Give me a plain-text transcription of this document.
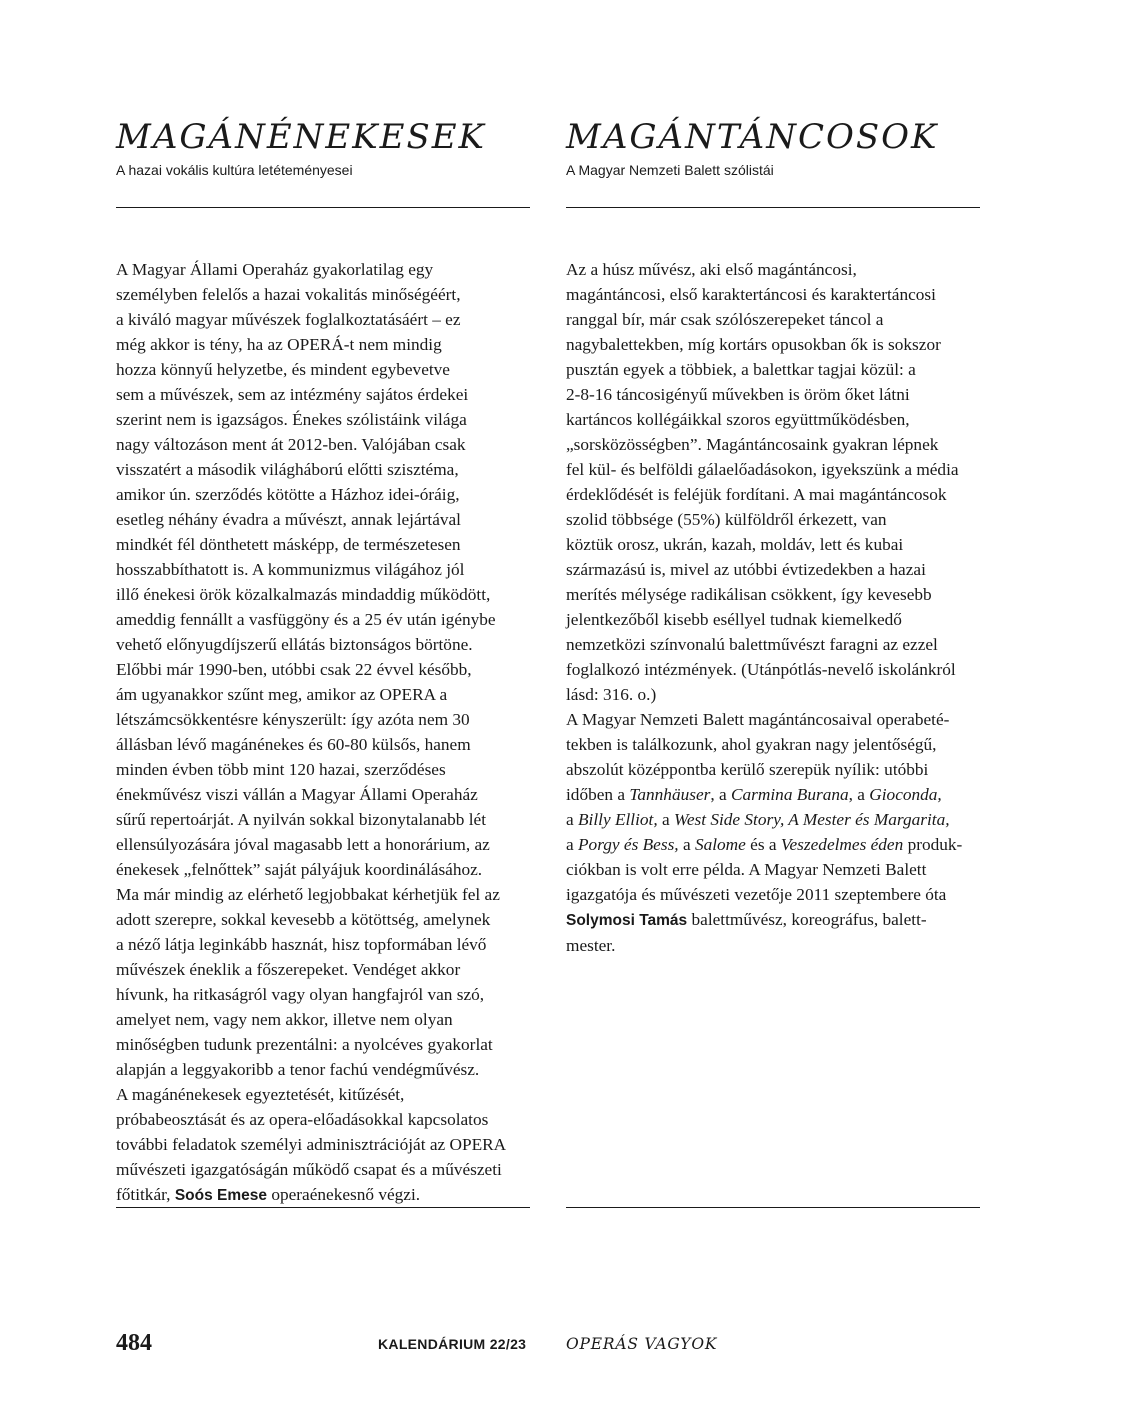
MAGÁNÉNEKESEK
A hazai vokális kultúra letéteményesei
A Magyar Állami Operaház gyakorlatilag egy
személyben felelős a hazai vokalitás minőségéért,
a kiváló magyar művészek foglalkoztatásáért – ez
még akkor is tény, ha az OPERÁ-t nem mindig
hozza könnyű helyzetbe, és mindent egybevetve
sem a művészek, sem az intézmény sajátos érdekei
szerint nem is igazságos. Énekes szólistáink világa
nagy változáson ment át 2012-ben. Valójában csak
visszatért a második világháború előtti szisztéma,
amikor ún. szerződés kötötte a Házhoz idei-óráig,
esetleg néhány évadra a művészt, annak lejártával
mindkét fél dönthetett másképp, de természetesen
hosszabbíthatott is. A kommunizmus világához jól
illő énekesi örök közalkalmazás mindaddig működött,
ameddig fennállt a vasfüggöny és a 25 év után igénybe
vehető előnyugdíjszerű ellátás biztonságos börtöne.
Előbbi már 1990-ben, utóbbi csak 22 évvel később,
ám ugyanakkor szűnt meg, amikor az OPERA a
létszámcsökkentésre kényszerült: így azóta nem 30
állásban lévő magánénekes és 60-80 külsős, hanem
minden évben több mint 120 hazai, szerződéses
énekművész viszi vállán a Magyar Állami Operaház
sűrű repertoárját. A nyilván sokkal bizonytalanabb lét
ellensúlyozására jóval magasabb lett a honorárium, az
énekesek „felnőttek” saját pályájuk koordinálásához.
Ma már mindig az elérhető legjobbakat kérhetjük fel az
adott szerepre, sokkal kevesebb a kötöttség, amelynek
a néző látja leginkább hasznát, hisz topformában lévő
művészek éneklik a főszerepeket. Vendéget akkor
hívunk, ha ritkaságról vagy olyan hangfajról van szó,
amelyet nem, vagy nem akkor, illetve nem olyan
minőségben tudunk prezentálni: a nyolcéves gyakorlat
alapján a leggyakoribb a tenor fachú vendégművész.
A magánénekesek egyeztetését, kitűzését,
próbabeosztását és az opera-előadásokkal kapcsolatos
további feladatok személyi adminisztrációját az OPERA
művészeti igazgatóságán működő csapat és a művészeti
főtitkár, Soós Emese operaénekesnő végzi.
MAGÁNTÁNCOSOK
A Magyar Nemzeti Balett szólistái
Az a húsz művész, aki első magántáncosi,
magántáncosi, első karaktertáncosi és karaktertáncosi
ranggal bír, már csak szólószerepeket táncol a
nagybalettekben, míg kortárs opusokban ők is sokszor
pusztán egyek a többiek, a balettkar tagjai közül: a
2-8-16 táncosigényű művekben is öröm őket látni
kartáncos kollégáikkal szoros együttműködésben,
„sorsközösségben”. Magántáncosaink gyakran lépnek
fel kül- és belföldi gálaelőadásokon, igyekszünk a média
érdeklődését is feléjük fordítani. A mai magántáncosok
szolid többsége (55%) külföldről érkezett, van
köztük orosz, ukrán, kazah, moldáv, lett és kubai
származású is, mivel az utóbbi évtizedekben a hazai
merítés mélysége radikálisan csökkent, így kevesebb
jelentkezőből kisebb eséllyel tudnak kiemelkedő
nemzetközi színvonalú balettművészt faragni az ezzel
foglalkozó intézmények. (Utánpótlás-nevelő iskolánkról
lásd: 316. o.)
A Magyar Nemzeti Balett magántáncosaival operabeté-
tekben is találkozunk, ahol gyakran nagy jelentőségű,
abszolút középpontba kerülő szerepük nyílik: utóbbi
időben a Tannhäuser, a Carmina Burana, a Gioconda,
a Billy Elliot, a West Side Story, A Mester és Margarita,
a Porgy és Bess, a Salome és a Veszedelmes éden produk-
ciókban is volt erre példa. A Magyar Nemzeti Balett
igazgatója és művészeti vezetője 2011 szeptembere óta
Solymosi Tamás balettművész, koreográfus, balett-
mester.
484	KALENDÁRIUM 22/23	OPERÁS VAGYOK
